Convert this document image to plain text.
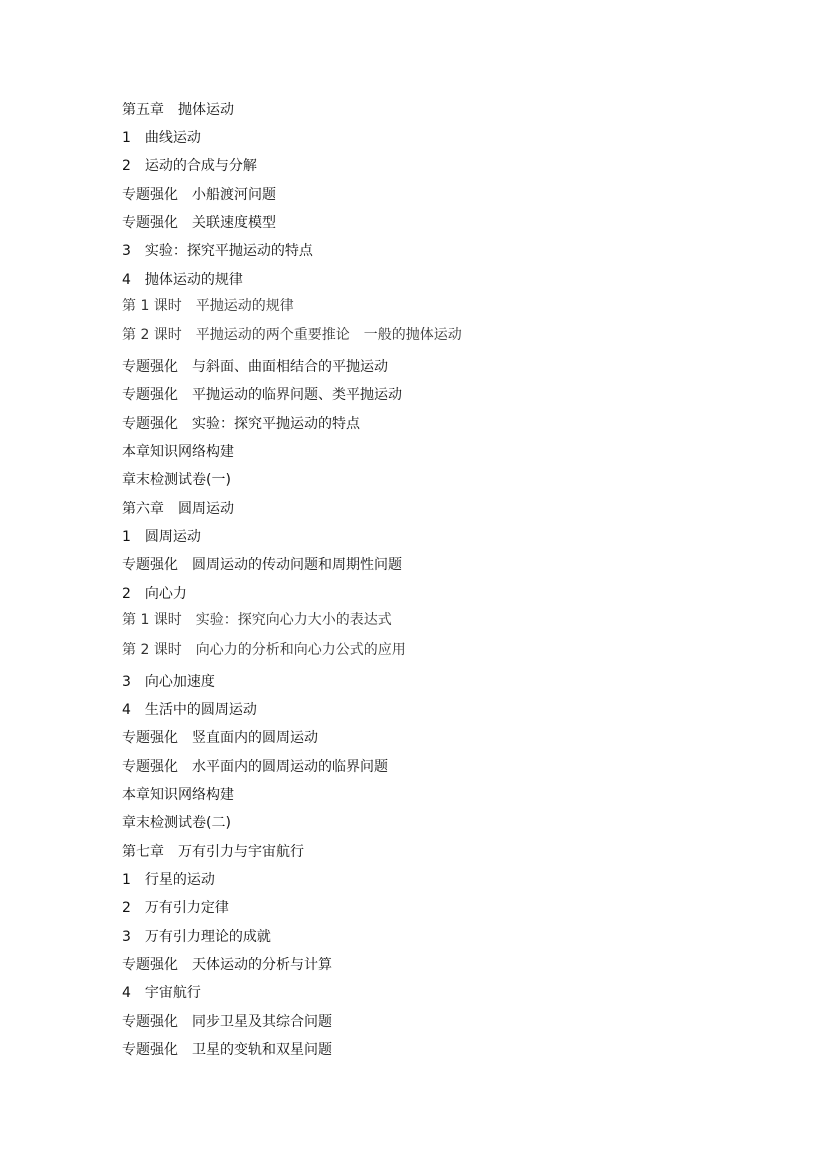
第五章　抛体运动
1　曲线运动
2　运动的合成与分解
专题强化　小船渡河问题
专题强化　关联速度模型
3　实验：探究平抛运动的特点
4　抛体运动的规律
第 1 课时　平抛运动的规律
第 2 课时　平抛运动的两个重要推论　一般的抛体运动
专题强化　与斜面、曲面相结合的平抛运动
专题强化　平抛运动的临界问题、类平抛运动
专题强化　实验：探究平抛运动的特点
本章知识网络构建
章末检测试卷(一)
第六章　圆周运动
1　圆周运动
专题强化　圆周运动的传动问题和周期性问题
2　向心力
第 1 课时　实验：探究向心力大小的表达式
第 2 课时　向心力的分析和向心力公式的应用
3　向心加速度
4　生活中的圆周运动
专题强化　竖直面内的圆周运动
专题强化　水平面内的圆周运动的临界问题
本章知识网络构建
章末检测试卷(二)
第七章　万有引力与宇宙航行
1　行星的运动
2　万有引力定律
3　万有引力理论的成就
专题强化　天体运动的分析与计算
4　宇宙航行
专题强化　同步卫星及其综合问题
专题强化　卫星的变轨和双星问题
